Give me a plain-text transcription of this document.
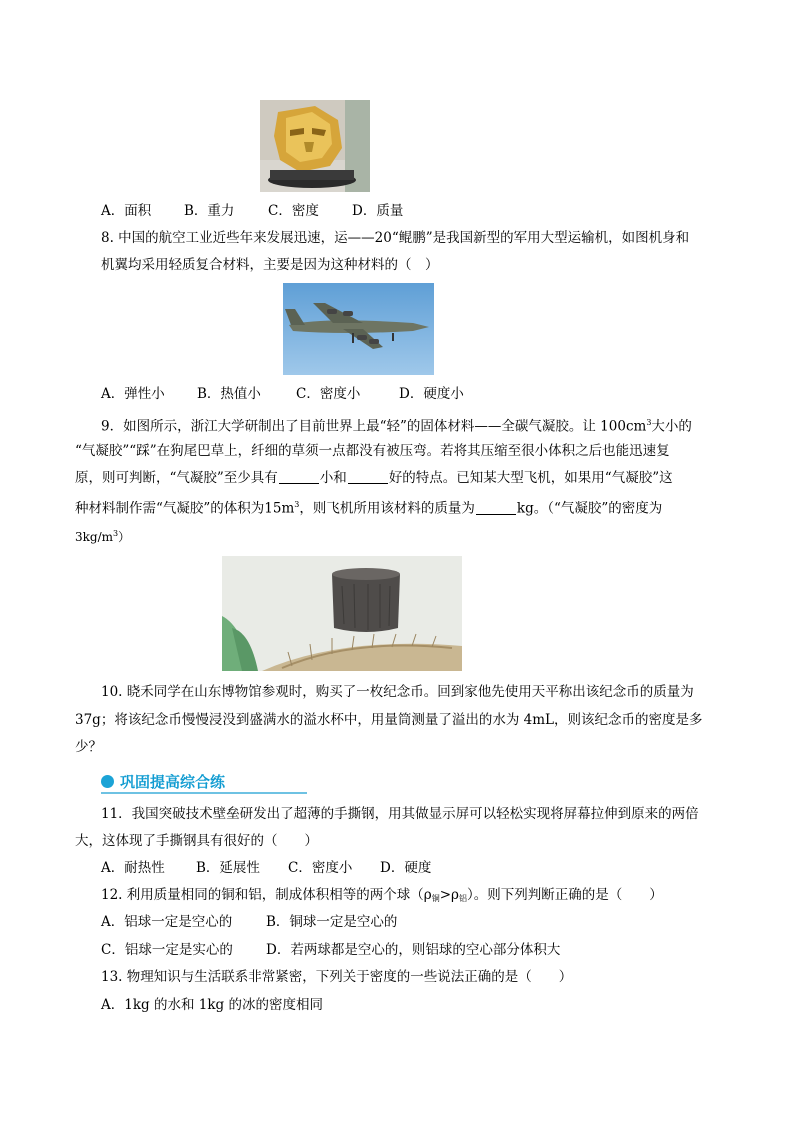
A．面积 B．重力 C．密度 D．质量
8. 中国的航空工业近些年来发展迅速，运——20“鲲鹏”是我国新型的军用大型运输机，如图机身和
机翼均采用轻质复合材料，主要是因为这种材料的（　）
A．弹性小 B．热值小	C．密度小	D．硬度小
9．如图所示，浙江大学研制出了目前世界上最“轻”的固体材料——全碳气凝胶。让 $100cm^3$大小的
“气凝胶”“踩”在狗尾巴草上，纤细的草须一点都没有被压弯。若将其压缩至很小体积之后也能迅速复
原，则可判断，“气凝胶”至少具有	小和	好的特点。已知某大型飞机，如果用“气凝胶”这
种材料制作需“气凝胶”的体积为$15m^3$，则飞机所用该材料的质量为	kg。（“气凝胶”的密度为
$3kg/m^3$）
10. 晓禾同学在山东博物馆参观时，购买了一枚纪念币。回到家他先使用天平称出该纪念币的质量为
37g；将该纪念币慢慢浸没到盛满水的溢水杯中，用量筒测量了溢出的水为 4mL，则该纪念币的密度是多
少？
巩固提高综合练
11．我国突破技术壁垒研发出了超薄的手撕钢，用其做显示屏可以轻松实现将屏幕拉伸到原来的两倍
大，这体现了手撕钢具有很好的（　　）
A．耐热性 B．延展性 C．密度小 D．硬度
12. 利用质量相同的铜和铝，制成体积相等的两个球$(\rho_铜>\rho_铝)$。则下列判断正确的是（　　）
A．铝球一定是空心的	B．铜球一定是空心的
C．铝球一定是实心的 D．若两球都是空心的，则铝球的空心部分体积大
13. 物理知识与生活联系非常紧密，下列关于密度的一些说法正确的是（　　）
A．1kg 的水和 1kg 的冰的密度相同
